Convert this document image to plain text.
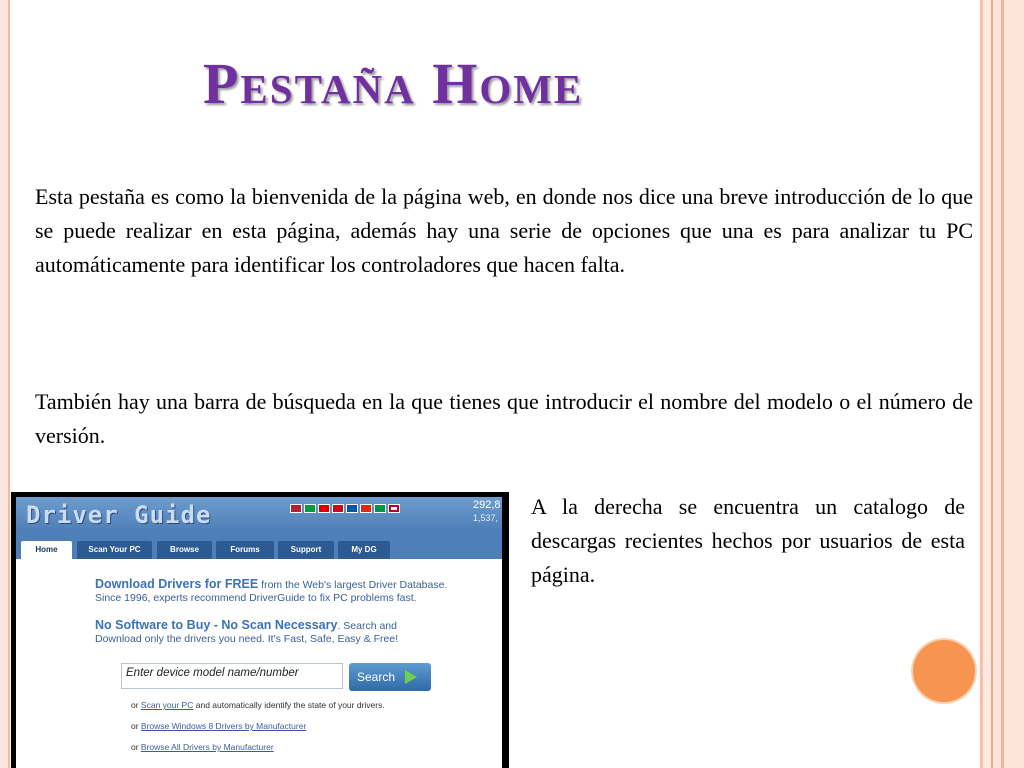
Pestaña Home

Esta pestaña es como la bienvenida de la página web, en donde nos dice una breve introducción de lo que se puede realizar en esta página, además hay una serie de opciones que una es para analizar tu PC automáticamente para identificar los controladores que hacen falta.

También hay una barra de búsqueda en la que tienes que introducir el nombre del modelo o el número de versión.

A la derecha se encuentra un catalogo de descargas recientes hechos por usuarios de esta página.

Driver Guide	292,8
1,537,
Home	Scan Your PC	Browse	Forums	Support	My DG
Download Drivers for FREE from the Web's largest Driver Database.
Since 1996, experts recommend DriverGuide to fix PC problems fast.
No Software to Buy - No Scan Necessary. Search and
Download only the drivers you need. It's Fast, Safe, Easy & Free!
Enter device model name/number	Search
or Scan your PC and automatically identify the state of your drivers.
or Browse Windows 8 Drivers by Manufacturer
or Browse All Drivers by Manufacturer
